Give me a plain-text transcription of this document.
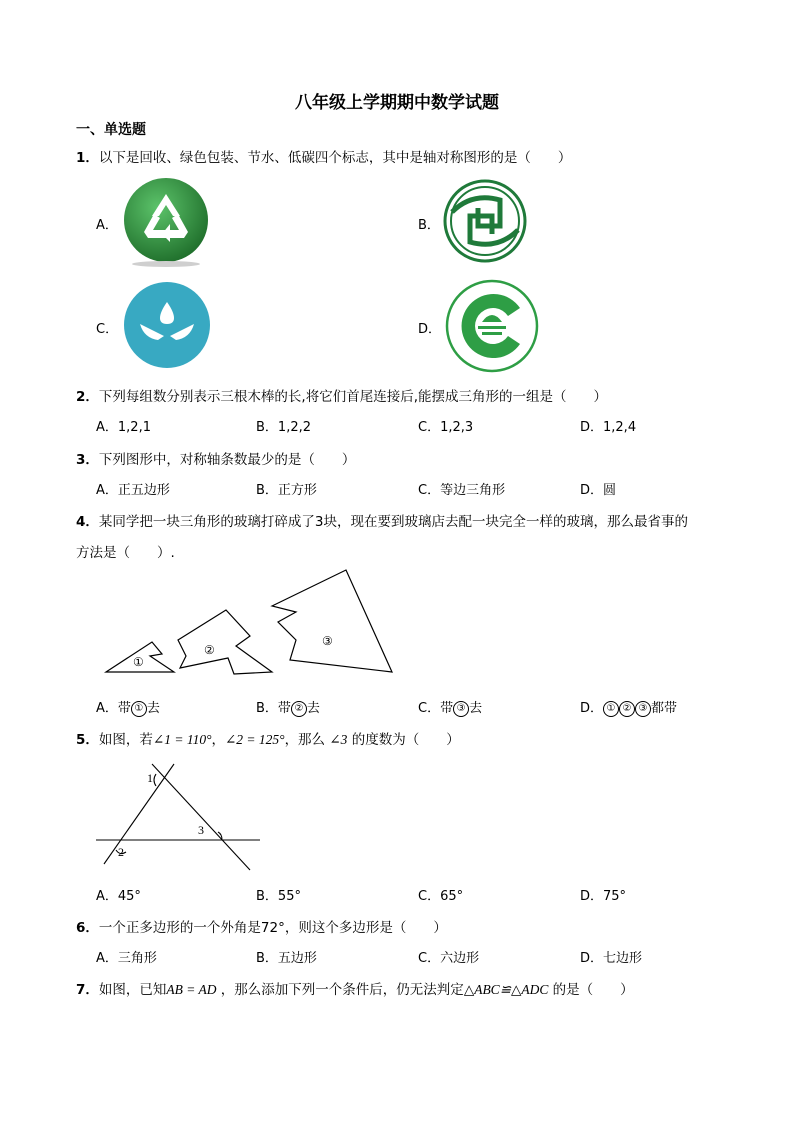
八年级上学期期中数学试题
一、单选题
1．以下是回收、绿色包装、节水、低碳四个标志，其中是轴对称图形的是（　　）
A．	B．
C．	D．
2．下列每组数分别表示三根木棒的长,将它们首尾连接后,能摆成三角形的一组是（　　）
A．1,2,1	B．1,2,2	C．1,2,3	D．1,2,4
3．下列图形中，对称轴条数最少的是（　　）
A．正五边形	B．正方形	C．等边三角形	D．圆
4．某同学把一块三角形的玻璃打碎成了3块，现在要到玻璃店去配一块完全一样的玻璃，那么最省事的
方法是（　　）.
①
②
③
A．带 ① 去	B．带 ② 去	C．带 ③ 去	D． ① ② ③ 都带
5．如图，若∠1 = 110°，∠2 = 125°，那么 ∠3 的度数为（　　）
1
2
3
A．45°	B．55°	C．65°	D．75°
6．一个正多边形的一个外角是72°，则这个多边形是（　　）
A．三角形	B．五边形	C．六边形	D．七边形
7．如图，已知AB = AD ，那么添加下列一个条件后，仍无法判定△ABC≌△ADC 的是（　　）
